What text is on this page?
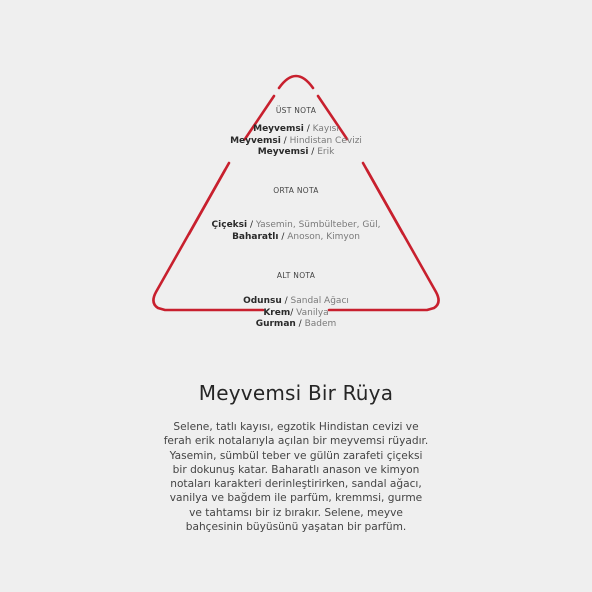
ÜST NOTA
Meyvemsi / Kayısı
Meyvemsi / Hindistan Cevizi
Meyvemsi / Erik
ORTA NOTA
Çiçeksi / Yasemin, Sümbülteber, Gül,
Baharatlı / Anoson, Kimyon
ALT NOTA
Odunsu / Sandal Ağacı
Krem/ Vanilya
Gurman / Badem
Meyvemsi Bir Rüya
Selene, tatlı kayısı, egzotik Hindistan cevizi ve
ferah erik notalarıyla açılan bir meyvemsi rüyadır.
Yasemin, sümbül teber ve gülün zarafeti çiçeksi
bir dokunuş katar. Baharatlı anason ve kimyon
notaları karakteri derinleştirirken, sandal ağacı,
vanilya ve bağdem ile parfüm, kremmsi, gurme
ve tahtamsı bir iz bırakır. Selene, meyve
bahçesinin büyüsünü yaşatan bir parfüm.
